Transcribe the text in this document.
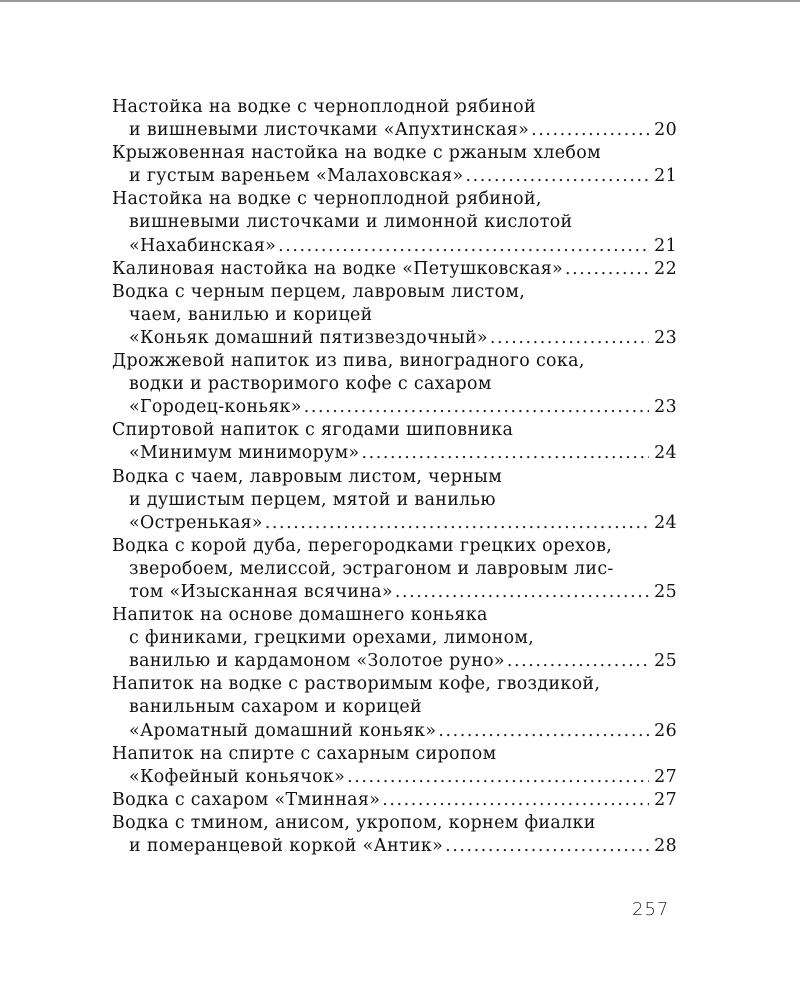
Настойка на водке с черноплодной рябиной
и вишневыми листочками «Апухтинская» .....	20
Крыжовенная настойка на водке с ржаным хлебом
и густым вареньем «Малаховская» .....	21
Настойка на водке с черноплодной рябиной,
вишневыми листочками и лимонной кислотой
«Нахабинская» .....	21
Калиновая настойка на водке «Петушковская» .....	22
Водка с черным перцем, лавровым листом,
чаем, ванилью и корицей
«Коньяк домашний пятизвездочный» .....	23
Дрожжевой напиток из пива, виноградного сока,
водки и растворимого кофе с сахаром
«Городец-коньяк» .....	23
Спиртовой напиток с ягодами шиповника
«Минимум миниморум» .....	24
Водка с чаем, лавровым листом, черным
и душистым перцем, мятой и ванилью
«Остренькая» .....	24
Водка с корой дуба, перегородками грецких орехов,
зверобоем, мелиссой, эстрагоном и лавровым лис-
том «Изысканная всячина» .....	25
Напиток на основе домашнего коньяка
с финиками, грецкими орехами, лимоном,
ванилью и кардамоном «Золотое руно» .....	25
Напиток на водке с растворимым кофе, гвоздикой,
ванильным сахаром и корицей
«Ароматный домашний коньяк» .....	26
Напиток на спирте с сахарным сиропом
«Кофейный коньячок» .....	27
Водка с сахаром «Тминная» .....	27
Водка с тмином, анисом, укропом, корнем фиалки
и померанцевой коркой «Антик» .....	28
257
